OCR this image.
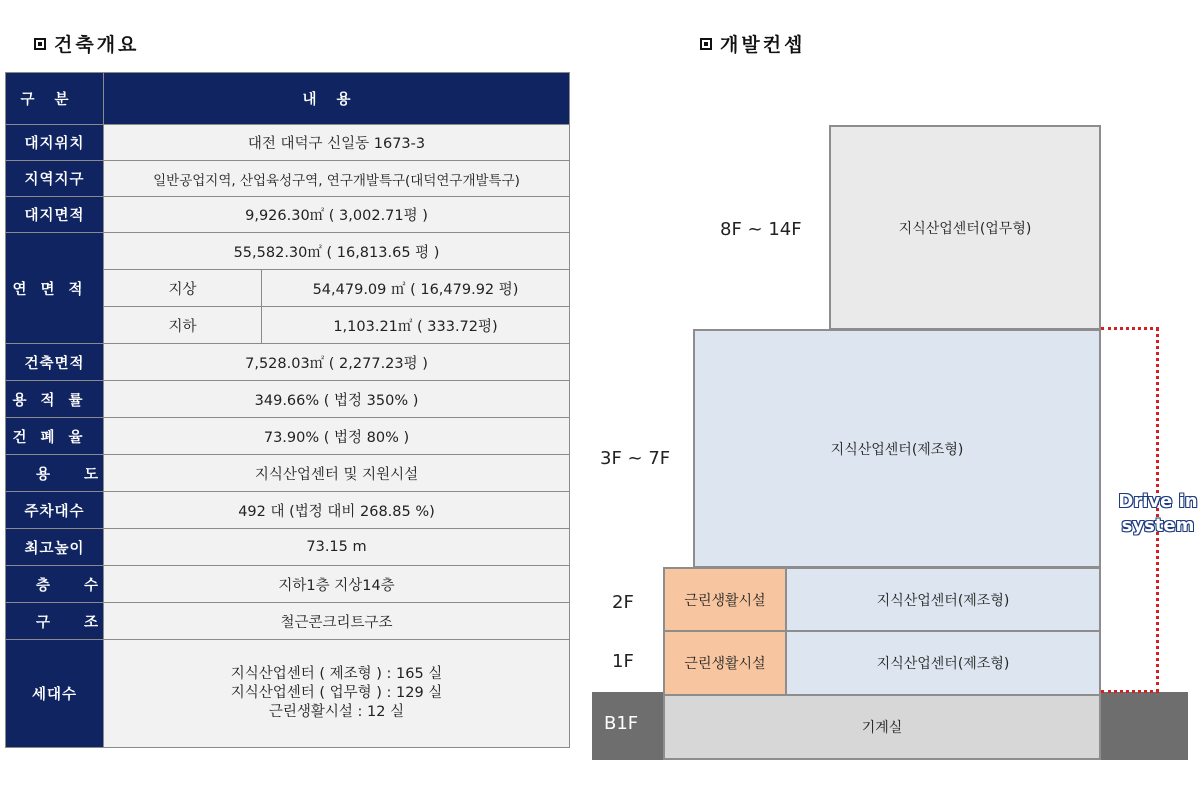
건축개요
구분	내용	
대지위치	대전 대덕구 신일동 1673-3	
지역지구	일반공업지역, 산업육성구역, 연구개발특구(대덕연구개발특구)	
대지면적	9,926.30㎡ ( 3,002.71평 )	
연면적	55,582.30㎡ ( 16,813.65 평 )	
	지상	54,479.09 ㎡ ( 16,479.92 평)
	지하	1,103.21㎡ ( 333.72평)
건축면적	7,528.03㎡ ( 2,277.23평 )	
용적률	349.66% ( 법정 350% )	
건폐율	73.90% ( 법정 80% )	
용도	지식산업센터 및 지원시설	
주차대수	492 대 (법정 대비 268.85 %)	
최고높이	73.15 m	
층수	지하1층 지상14층	
구조	철근콘크리트구조	
세대수	지식산업센터 ( 제조형 ) : 165 실
지식산업센터 ( 업무형 ) : 129 실
근린생활시설 : 12 실	
개발컨셉
지식산업센터(업무형)
지식산업센터(제조형)
근린생활시설	지식산업센터(제조형)
근린생활시설	지식산업센터(제조형)
기계실
8F ~ 14F
3F ~ 7F
2F
1F
B1F
Drive in
system
